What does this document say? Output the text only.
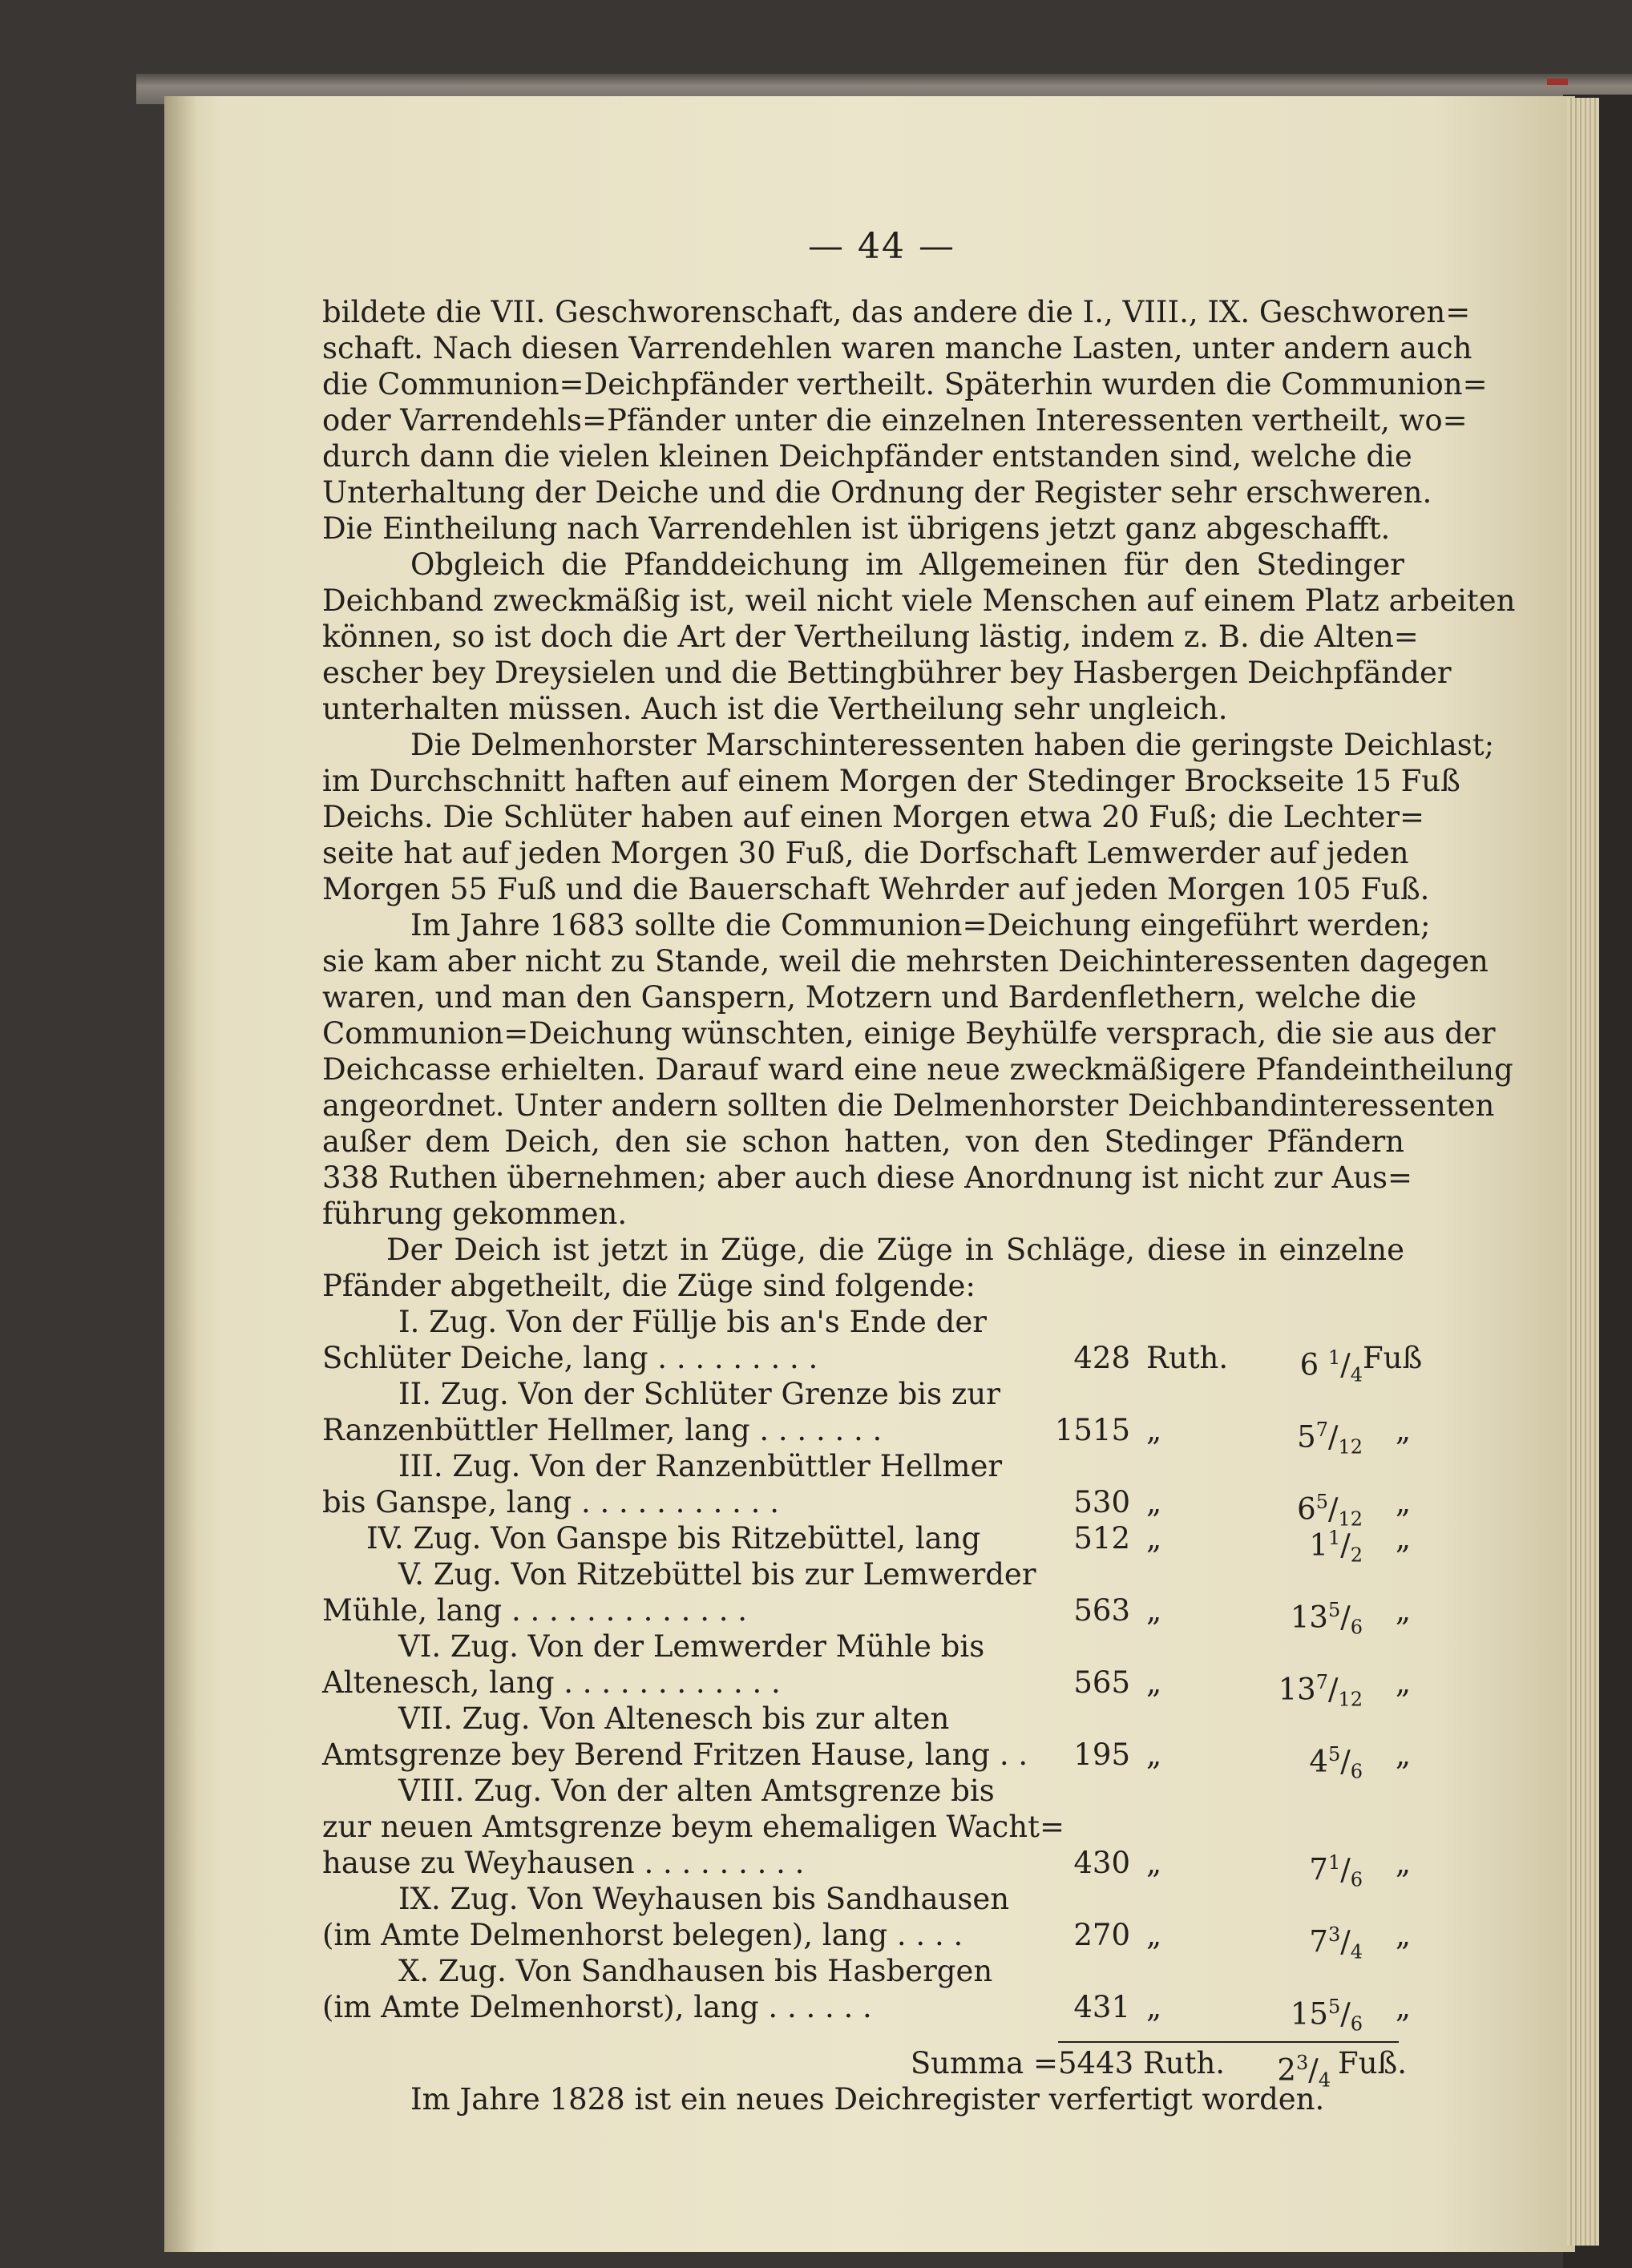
— 44 —
bildete die VII. Geschworenschaft, das andere die I., VIII., IX. Geschworen=
schaft. Nach diesen Varrendehlen waren manche Lasten, unter andern auch
die Communion=Deichpfänder vertheilt. Späterhin wurden die Communion=
oder Varrendehls=Pfänder unter die einzelnen Interessenten vertheilt, wo=
durch dann die vielen kleinen Deichpfänder entstanden sind, welche die
Unterhaltung der Deiche und die Ordnung der Register sehr erschweren.
Die Eintheilung nach Varrendehlen ist übrigens jetzt ganz abgeschafft.
Obgleich die Pfanddeichung im Allgemeinen für den Stedinger
Deichband zweckmäßig ist, weil nicht viele Menschen auf einem Platz arbeiten
können, so ist doch die Art der Vertheilung lästig, indem z. B. die Alten=
escher bey Dreysielen und die Bettingbührer bey Hasbergen Deichpfänder
unterhalten müssen. Auch ist die Vertheilung sehr ungleich.
Die Delmenhorster Marschinteressenten haben die geringste Deichlast;
im Durchschnitt haften auf einem Morgen der Stedinger Brockseite 15 Fuß
Deichs. Die Schlüter haben auf einen Morgen etwa 20 Fuß; die Lechter=
seite hat auf jeden Morgen 30 Fuß, die Dorfschaft Lemwerder auf jeden
Morgen 55 Fuß und die Bauerschaft Wehrder auf jeden Morgen 105 Fuß.
Im Jahre 1683 sollte die Communion=Deichung eingeführt werden;
sie kam aber nicht zu Stande, weil die mehrsten Deichinteressenten dagegen
waren, und man den Ganspern, Motzern und Bardenflethern, welche die
Communion=Deichung wünschten, einige Beyhülfe versprach, die sie aus der
Deichcasse erhielten. Darauf ward eine neue zweckmäßigere Pfandeintheilung
angeordnet. Unter andern sollten die Delmenhorster Deichbandinteressenten
außer dem Deich, den sie schon hatten, von den Stedinger Pfändern
338 Ruthen übernehmen; aber auch diese Anordnung ist nicht zur Aus=
führung gekommen.
Der Deich ist jetzt in Züge, die Züge in Schläge, diese in einzelne
Pfänder abgetheilt, die Züge sind folgende:
I. Zug. Von der Füllje bis an's Ende der
Schlüter Deiche, lang . . . . . . . . .	428 Ruth.	6 $^1/_4$ Fuß
II. Zug. Von der Schlüter Grenze bis zur
Ranzenbüttler Hellmer, lang . . . . . . .	1515 „	$5^7/_{12}$	„
III. Zug. Von der Ranzenbüttler Hellmer
bis Ganspe, lang . . . . . . . . . . .	530 „	$6^5/_{12}$	„
IV. Zug. Von Ganspe bis Ritzebüttel, lang	512 „	$1^1/_2$	„
V. Zug. Von Ritzebüttel bis zur Lemwerder
Mühle, lang . . . . . . . . . . . . .	563 „	$13^5/_6$	„
VI. Zug. Von der Lemwerder Mühle bis
Altenesch, lang . . . . . . . . . . . .	565 „	$13^7/_{12}$	„
VII. Zug. Von Altenesch bis zur alten
Amtsgrenze bey Berend Fritzen Hause, lang . .	195 „	$4^5/_6$	„
VIII. Zug. Von der alten Amtsgrenze bis
zur neuen Amtsgrenze beym ehemaligen Wacht=
hause zu Weyhausen . . . . . . . . .	430 „	$7^1/_6$	„
IX. Zug. Von Weyhausen bis Sandhausen
(im Amte Delmenhorst belegen), lang . . . .	270 „	$7^3/_4$	„
X. Zug. Von Sandhausen bis Hasbergen
(im Amte Delmenhorst), lang . . . . . .	431 „	$15^5/_6$	„
Summa = 5443 Ruth.	$2^3/_4$ Fuß.
Im Jahre 1828 ist ein neues Deichregister verfertigt worden.
